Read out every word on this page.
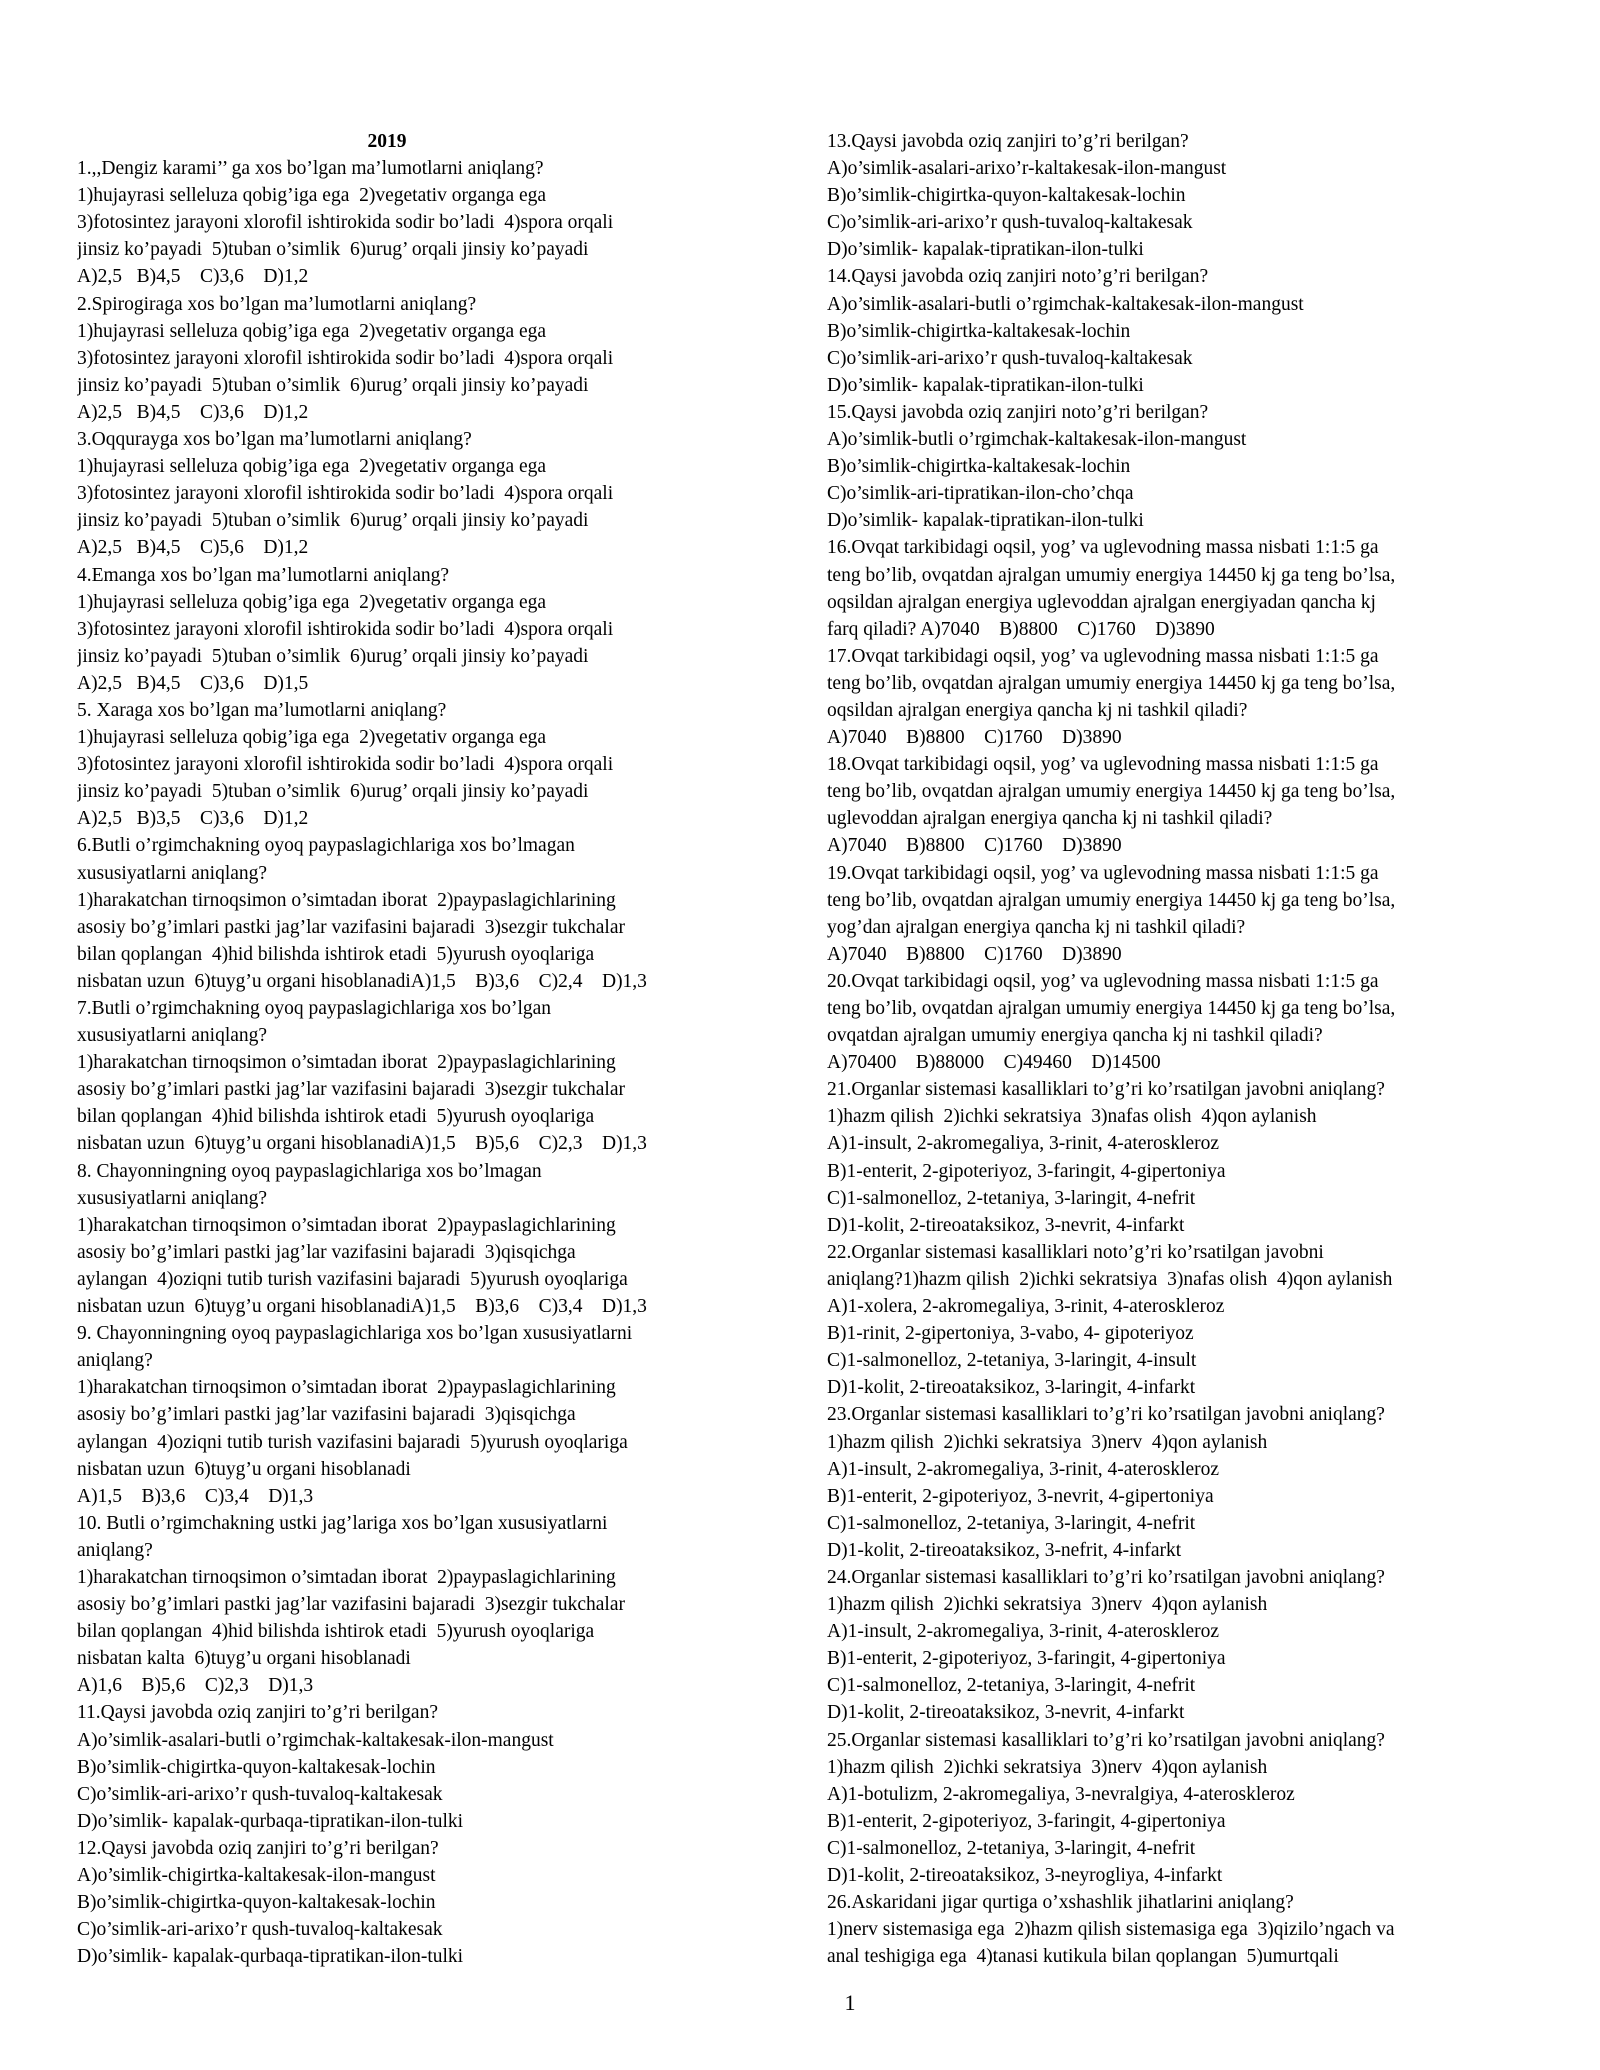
2019
1.,,Dengiz karami’’ ga xos bo’lgan ma’lumotlarni aniqlang?
1)hujayrasi selleluza qobig’iga ega  2)vegetativ organga ega
3)fotosintez jarayoni xlorofil ishtirokida sodir bo’ladi  4)spora orqali
jinsiz ko’payadi  5)tuban o’simlik  6)urug’ orqali jinsiy ko’payadi
A)2,5   B)4,5    C)3,6    D)1,2
2.Spirogiraga xos bo’lgan ma’lumotlarni aniqlang?
1)hujayrasi selleluza qobig’iga ega  2)vegetativ organga ega
3)fotosintez jarayoni xlorofil ishtirokida sodir bo’ladi  4)spora orqali
jinsiz ko’payadi  5)tuban o’simlik  6)urug’ orqali jinsiy ko’payadi
A)2,5   B)4,5    C)3,6    D)1,2
3.Oqqurayga xos bo’lgan ma’lumotlarni aniqlang?
1)hujayrasi selleluza qobig’iga ega  2)vegetativ organga ega
3)fotosintez jarayoni xlorofil ishtirokida sodir bo’ladi  4)spora orqali
jinsiz ko’payadi  5)tuban o’simlik  6)urug’ orqali jinsiy ko’payadi
A)2,5   B)4,5    C)5,6    D)1,2
4.Emanga xos bo’lgan ma’lumotlarni aniqlang?
1)hujayrasi selleluza qobig’iga ega  2)vegetativ organga ega
3)fotosintez jarayoni xlorofil ishtirokida sodir bo’ladi  4)spora orqali
jinsiz ko’payadi  5)tuban o’simlik  6)urug’ orqali jinsiy ko’payadi
A)2,5   B)4,5    C)3,6    D)1,5
5. Xaraga xos bo’lgan ma’lumotlarni aniqlang?
1)hujayrasi selleluza qobig’iga ega  2)vegetativ organga ega
3)fotosintez jarayoni xlorofil ishtirokida sodir bo’ladi  4)spora orqali
jinsiz ko’payadi  5)tuban o’simlik  6)urug’ orqali jinsiy ko’payadi
A)2,5   B)3,5    C)3,6    D)1,2
6.Butli o’rgimchakning oyoq paypaslagichlariga xos bo’lmagan
xususiyatlarni aniqlang?
1)harakatchan tirnoqsimon o’simtadan iborat  2)paypaslagichlarining
asosiy bo’g’imlari pastki jag’lar vazifasini bajaradi  3)sezgir tukchalar
bilan qoplangan  4)hid bilishda ishtirok etadi  5)yurush oyoqlariga
nisbatan uzun  6)tuyg’u organi hisoblanadiA)1,5    B)3,6    C)2,4    D)1,3
7.Butli o’rgimchakning oyoq paypaslagichlariga xos bo’lgan
xususiyatlarni aniqlang?
1)harakatchan tirnoqsimon o’simtadan iborat  2)paypaslagichlarining
asosiy bo’g’imlari pastki jag’lar vazifasini bajaradi  3)sezgir tukchalar
bilan qoplangan  4)hid bilishda ishtirok etadi  5)yurush oyoqlariga
nisbatan uzun  6)tuyg’u organi hisoblanadiA)1,5    B)5,6    C)2,3    D)1,3
8. Chayonningning oyoq paypaslagichlariga xos bo’lmagan
xususiyatlarni aniqlang?
1)harakatchan tirnoqsimon o’simtadan iborat  2)paypaslagichlarining
asosiy bo’g’imlari pastki jag’lar vazifasini bajaradi  3)qisqichga
aylangan  4)oziqni tutib turish vazifasini bajaradi  5)yurush oyoqlariga
nisbatan uzun  6)tuyg’u organi hisoblanadiA)1,5    B)3,6    C)3,4    D)1,3
9. Chayonningning oyoq paypaslagichlariga xos bo’lgan xususiyatlarni
aniqlang?
1)harakatchan tirnoqsimon o’simtadan iborat  2)paypaslagichlarining
asosiy bo’g’imlari pastki jag’lar vazifasini bajaradi  3)qisqichga
aylangan  4)oziqni tutib turish vazifasini bajaradi  5)yurush oyoqlariga
nisbatan uzun  6)tuyg’u organi hisoblanadi
A)1,5    B)3,6    C)3,4    D)1,3
10. Butli o’rgimchakning ustki jag’lariga xos bo’lgan xususiyatlarni
aniqlang?
1)harakatchan tirnoqsimon o’simtadan iborat  2)paypaslagichlarining
asosiy bo’g’imlari pastki jag’lar vazifasini bajaradi  3)sezgir tukchalar
bilan qoplangan  4)hid bilishda ishtirok etadi  5)yurush oyoqlariga
nisbatan kalta  6)tuyg’u organi hisoblanadi
A)1,6    B)5,6    C)2,3    D)1,3
11.Qaysi javobda oziq zanjiri to’g’ri berilgan?
A)o’simlik-asalari-butli o’rgimchak-kaltakesak-ilon-mangust
B)o’simlik-chigirtka-quyon-kaltakesak-lochin
C)o’simlik-ari-arixo’r qush-tuvaloq-kaltakesak
D)o’simlik- kapalak-qurbaqa-tipratikan-ilon-tulki
12.Qaysi javobda oziq zanjiri to’g’ri berilgan?
A)o’simlik-chigirtka-kaltakesak-ilon-mangust
B)o’simlik-chigirtka-quyon-kaltakesak-lochin
C)o’simlik-ari-arixo’r qush-tuvaloq-kaltakesak
D)o’simlik- kapalak-qurbaqa-tipratikan-ilon-tulki
13.Qaysi javobda oziq zanjiri to’g’ri berilgan?
A)o’simlik-asalari-arixo’r-kaltakesak-ilon-mangust
B)o’simlik-chigirtka-quyon-kaltakesak-lochin
C)o’simlik-ari-arixo’r qush-tuvaloq-kaltakesak
D)o’simlik- kapalak-tipratikan-ilon-tulki
14.Qaysi javobda oziq zanjiri noto’g’ri berilgan?
A)o’simlik-asalari-butli o’rgimchak-kaltakesak-ilon-mangust
B)o’simlik-chigirtka-kaltakesak-lochin
C)o’simlik-ari-arixo’r qush-tuvaloq-kaltakesak
D)o’simlik- kapalak-tipratikan-ilon-tulki
15.Qaysi javobda oziq zanjiri noto’g’ri berilgan?
A)o’simlik-butli o’rgimchak-kaltakesak-ilon-mangust
B)o’simlik-chigirtka-kaltakesak-lochin
C)o’simlik-ari-tipratikan-ilon-cho’chqa
D)o’simlik- kapalak-tipratikan-ilon-tulki
16.Ovqat tarkibidagi oqsil, yog’ va uglevodning massa nisbati 1:1:5 ga
teng bo’lib, ovqatdan ajralgan umumiy energiya 14450 kj ga teng bo’lsa,
oqsildan ajralgan energiya uglevoddan ajralgan energiyadan qancha kj
farq qiladi? A)7040    B)8800    C)1760    D)3890
17.Ovqat tarkibidagi oqsil, yog’ va uglevodning massa nisbati 1:1:5 ga
teng bo’lib, ovqatdan ajralgan umumiy energiya 14450 kj ga teng bo’lsa,
oqsildan ajralgan energiya qancha kj ni tashkil qiladi?
A)7040    B)8800    C)1760    D)3890
18.Ovqat tarkibidagi oqsil, yog’ va uglevodning massa nisbati 1:1:5 ga
teng bo’lib, ovqatdan ajralgan umumiy energiya 14450 kj ga teng bo’lsa,
uglevoddan ajralgan energiya qancha kj ni tashkil qiladi?
A)7040    B)8800    C)1760    D)3890
19.Ovqat tarkibidagi oqsil, yog’ va uglevodning massa nisbati 1:1:5 ga
teng bo’lib, ovqatdan ajralgan umumiy energiya 14450 kj ga teng bo’lsa,
yog’dan ajralgan energiya qancha kj ni tashkil qiladi?
A)7040    B)8800    C)1760    D)3890
20.Ovqat tarkibidagi oqsil, yog’ va uglevodning massa nisbati 1:1:5 ga
teng bo’lib, ovqatdan ajralgan umumiy energiya 14450 kj ga teng bo’lsa,
ovqatdan ajralgan umumiy energiya qancha kj ni tashkil qiladi?
A)70400    B)88000    C)49460    D)14500
21.Organlar sistemasi kasalliklari to’g’ri ko’rsatilgan javobni aniqlang?
1)hazm qilish  2)ichki sekratsiya  3)nafas olish  4)qon aylanish
A)1-insult, 2-akromegaliya, 3-rinit, 4-ateroskleroz
B)1-enterit, 2-gipoteriyoz, 3-faringit, 4-gipertoniya
C)1-salmonelloz, 2-tetaniya, 3-laringit, 4-nefrit
D)1-kolit, 2-tireoataksikoz, 3-nevrit, 4-infarkt
22.Organlar sistemasi kasalliklari noto’g’ri ko’rsatilgan javobni
aniqlang?1)hazm qilish  2)ichki sekratsiya  3)nafas olish  4)qon aylanish
A)1-xolera, 2-akromegaliya, 3-rinit, 4-ateroskleroz
B)1-rinit, 2-gipertoniya, 3-vabo, 4- gipoteriyoz
C)1-salmonelloz, 2-tetaniya, 3-laringit, 4-insult
D)1-kolit, 2-tireoataksikoz, 3-laringit, 4-infarkt
23.Organlar sistemasi kasalliklari to’g’ri ko’rsatilgan javobni aniqlang?
1)hazm qilish  2)ichki sekratsiya  3)nerv  4)qon aylanish
A)1-insult, 2-akromegaliya, 3-rinit, 4-ateroskleroz
B)1-enterit, 2-gipoteriyoz, 3-nevrit, 4-gipertoniya
C)1-salmonelloz, 2-tetaniya, 3-laringit, 4-nefrit
D)1-kolit, 2-tireoataksikoz, 3-nefrit, 4-infarkt
24.Organlar sistemasi kasalliklari to’g’ri ko’rsatilgan javobni aniqlang?
1)hazm qilish  2)ichki sekratsiya  3)nerv  4)qon aylanish
A)1-insult, 2-akromegaliya, 3-rinit, 4-ateroskleroz
B)1-enterit, 2-gipoteriyoz, 3-faringit, 4-gipertoniya
C)1-salmonelloz, 2-tetaniya, 3-laringit, 4-nefrit
D)1-kolit, 2-tireoataksikoz, 3-nevrit, 4-infarkt
25.Organlar sistemasi kasalliklari to’g’ri ko’rsatilgan javobni aniqlang?
1)hazm qilish  2)ichki sekratsiya  3)nerv  4)qon aylanish
A)1-botulizm, 2-akromegaliya, 3-nevralgiya, 4-ateroskleroz
B)1-enterit, 2-gipoteriyoz, 3-faringit, 4-gipertoniya
C)1-salmonelloz, 2-tetaniya, 3-laringit, 4-nefrit
D)1-kolit, 2-tireoataksikoz, 3-neyrogliya, 4-infarkt
26.Askaridani jigar qurtiga o’xshashlik jihatlarini aniqlang?
1)nerv sistemasiga ega  2)hazm qilish sistemasiga ega  3)qizilo’ngach va
anal teshigiga ega  4)tanasi kutikula bilan qoplangan  5)umurtqali
1
